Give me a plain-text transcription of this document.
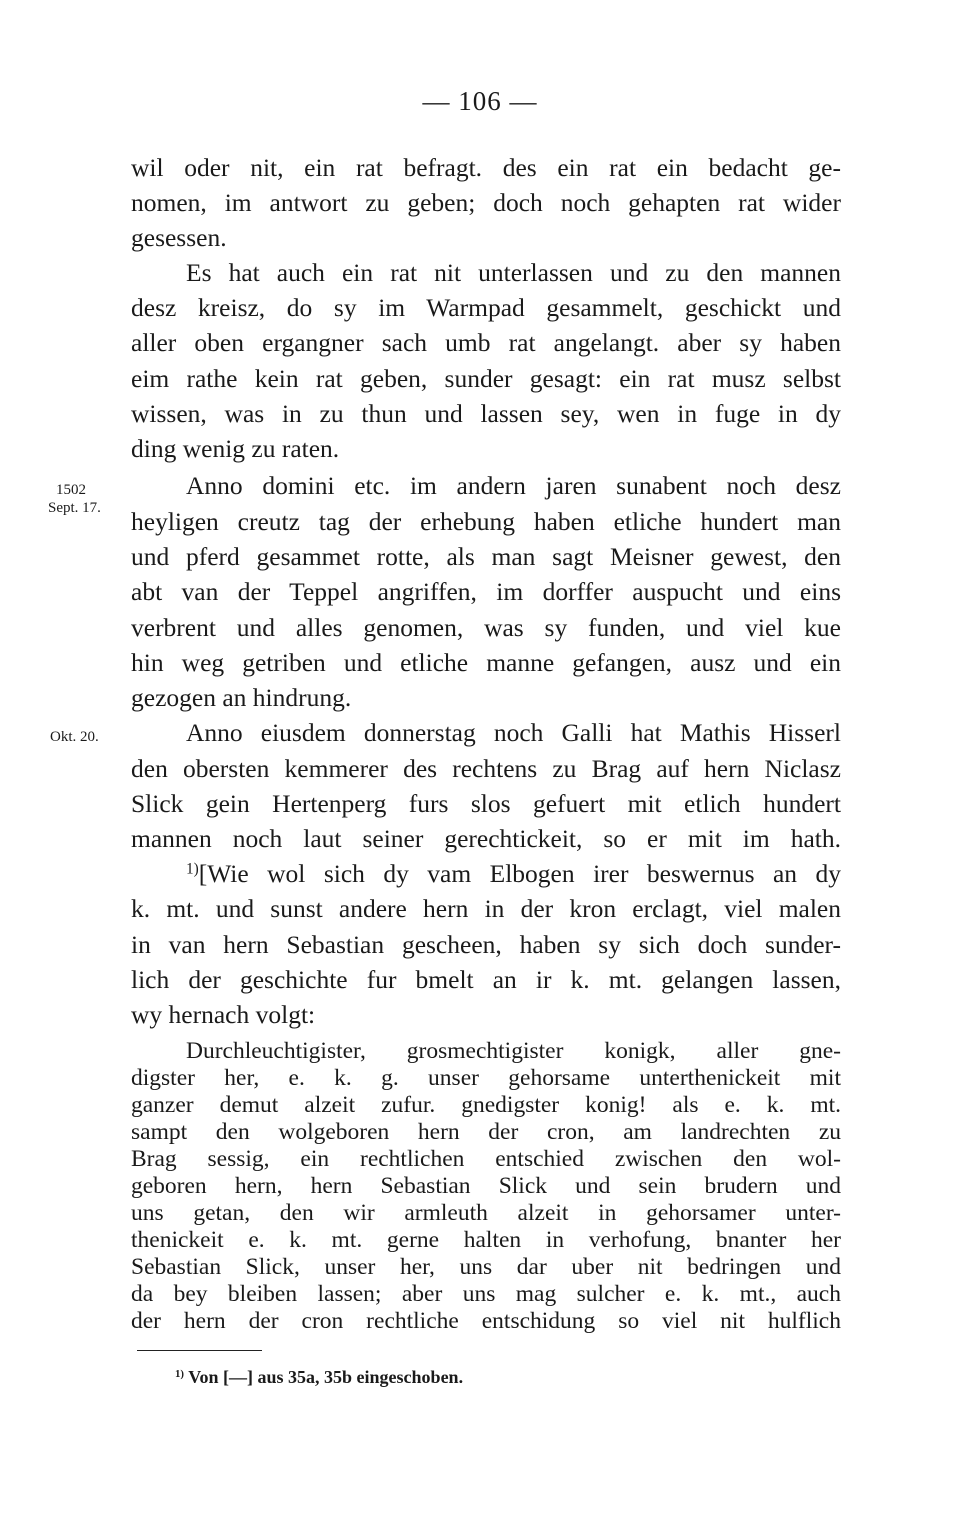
— 106 —
wil oder nit, ein rat befragt. des ein rat ein bedacht ge-
nomen, im antwort zu geben; doch noch gehapten rat wider
gesessen.
Es hat auch ein rat nit unterlassen und zu den mannen
desz kreisz, do sy im Warmpad gesammelt, geschickt und
aller oben ergangner sach umb rat angelangt. aber sy haben
eim rathe kein rat geben, sunder gesagt: ein rat musz selbst
wissen, was in zu thun und lassen sey, wen in fuge in dy
ding wenig zu raten.
Anno domini etc. im andern jaren sunabent noch desz
heyligen creutz tag der erhebung haben etliche hundert man
und pferd gesammet rotte, als man sagt Meisner gewest, den
abt van der Teppel angriffen, im dorffer auspucht und eins
verbrent und alles genomen, was sy funden, und viel kue
hin weg getriben und etliche manne gefangen, ausz und ein
gezogen an hindrung.
Anno eiusdem donnerstag noch Galli hat Mathis Hisserl
den obersten kemmerer des rechtens zu Brag auf hern Niclasz
Slick gein Hertenperg furs slos gefuert mit etlich hundert
mannen noch laut seiner gerechtickeit, so er mit im hath.
$^{1)}$[Wie wol sich dy vam Elbogen irer beswernus an dy
k. mt. und sunst andere hern in der kron erclagt, viel malen
in van hern Sebastian gescheen, haben sy sich doch sunder-
lich der geschichte fur bmelt an ir k. mt. gelangen lassen,
wy hernach volgt:
Durchleuchtigister, grosmechtigister konigk, aller gne-
digster her, e. k. g. unser gehorsame unterthenickeit mit
ganzer demut alzeit zufur. gnedigster konig! als e. k. mt.
sampt den wolgeboren hern der cron, am landrechten zu
Brag sessig, ein rechtlichen entschied zwischen den wol-
geboren hern, hern Sebastian Slick und sein brudern und
uns getan, den wir armleuth alzeit in gehorsamer unter-
thenickeit e. k. mt. gerne halten in verhofung, bnanter her
Sebastian Slick, unser her, uns dar uber nit bedringen und
da bey bleiben lassen; aber uns mag sulcher e. k. mt., auch
der hern der cron rechtliche entschidung so viel nit hulflich
1502
Sept. 17.
Okt. 20.
$^{1)}$ Von [—] aus 35a, 35b eingeschoben.
